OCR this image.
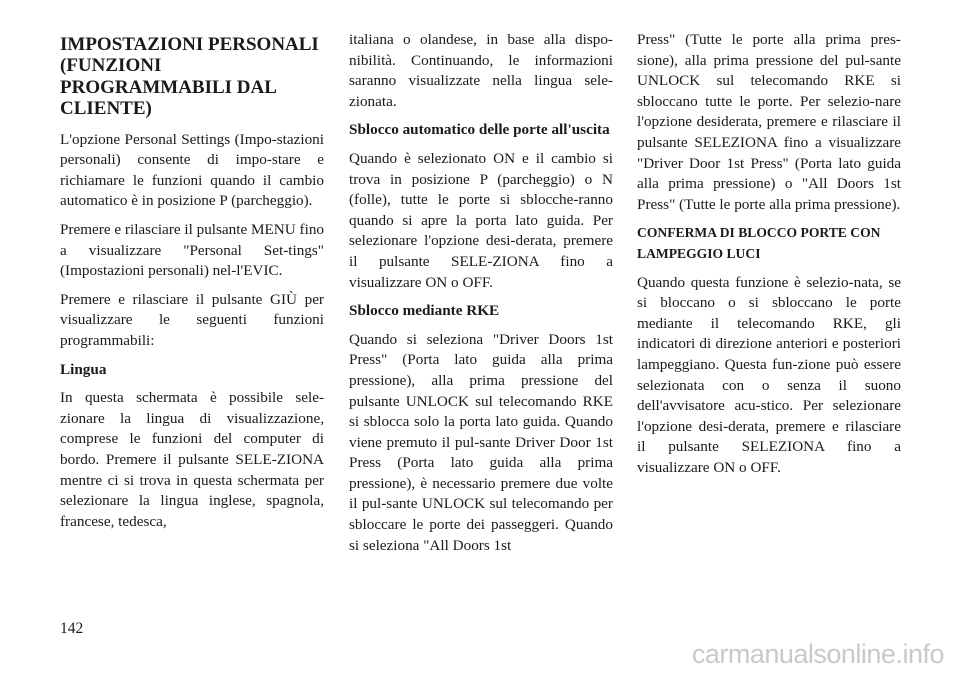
IMPOSTAZIONI PERSONALI (FUNZIONI PROGRAMMABILI DAL CLIENTE)

L'opzione Personal Settings (Impo-stazioni personali) consente di impo-stare e richiamare le funzioni quando il cambio automatico è in posizione P (parcheggio).

Premere e rilasciare il pulsante MENU fino a visualizzare "Personal Set-tings" (Impostazioni personali) nel-l'EVIC.

Premere e rilasciare il pulsante GIÙ per visualizzare le seguenti funzioni programmabili:

Lingua

In questa schermata è possibile sele-zionare la lingua di visualizzazione, comprese le funzioni del computer di bordo. Premere il pulsante SELE-ZIONA mentre ci si trova in questa schermata per selezionare la lingua inglese, spagnola, francese, tedesca,

italiana o olandese, in base alla dispo-nibilità. Continuando, le informazioni saranno visualizzate nella lingua sele-zionata.

Sblocco automatico delle porte all'uscita

Quando è selezionato ON e il cambio si trova in posizione P (parcheggio) o N (folle), tutte le porte si sblocche-ranno quando si apre la porta lato guida. Per selezionare l'opzione desi-derata, premere il pulsante SELE-ZIONA fino a visualizzare ON o OFF.

Sblocco mediante RKE

Quando si seleziona "Driver Doors 1st Press" (Porta lato guida alla prima pressione), alla prima pressione del pulsante UNLOCK sul telecomando RKE si sblocca solo la porta lato guida. Quando viene premuto il pul-sante Driver Door 1st Press (Porta lato guida alla prima pressione), è necessario premere due volte il pul-sante UNLOCK sul telecomando per sbloccare le porte dei passeggeri. Quando si seleziona "All Doors 1st

Press" (Tutte le porte alla prima pres-sione), alla prima pressione del pul-sante UNLOCK sul telecomando RKE si sbloccano tutte le porte. Per selezio-nare l'opzione desiderata, premere e rilasciare il pulsante SELEZIONA fino a visualizzare "Driver Door 1st Press" (Porta lato guida alla prima pressione) o "All Doors 1st Press" (Tutte le porte alla prima pressione).

CONFERMA DI BLOCCO PORTE CON LAMPEGGIO LUCI

Quando questa funzione è selezio-nata, se si bloccano o si sbloccano le porte mediante il telecomando RKE, gli indicatori di direzione anteriori e posteriori lampeggiano. Questa fun-zione può essere selezionata con o senza il suono dell'avvisatore acu-stico. Per selezionare l'opzione desi-derata, premere e rilasciare il pulsante SELEZIONA fino a visualizzare ON o OFF.

142
carmanualsonline.info
